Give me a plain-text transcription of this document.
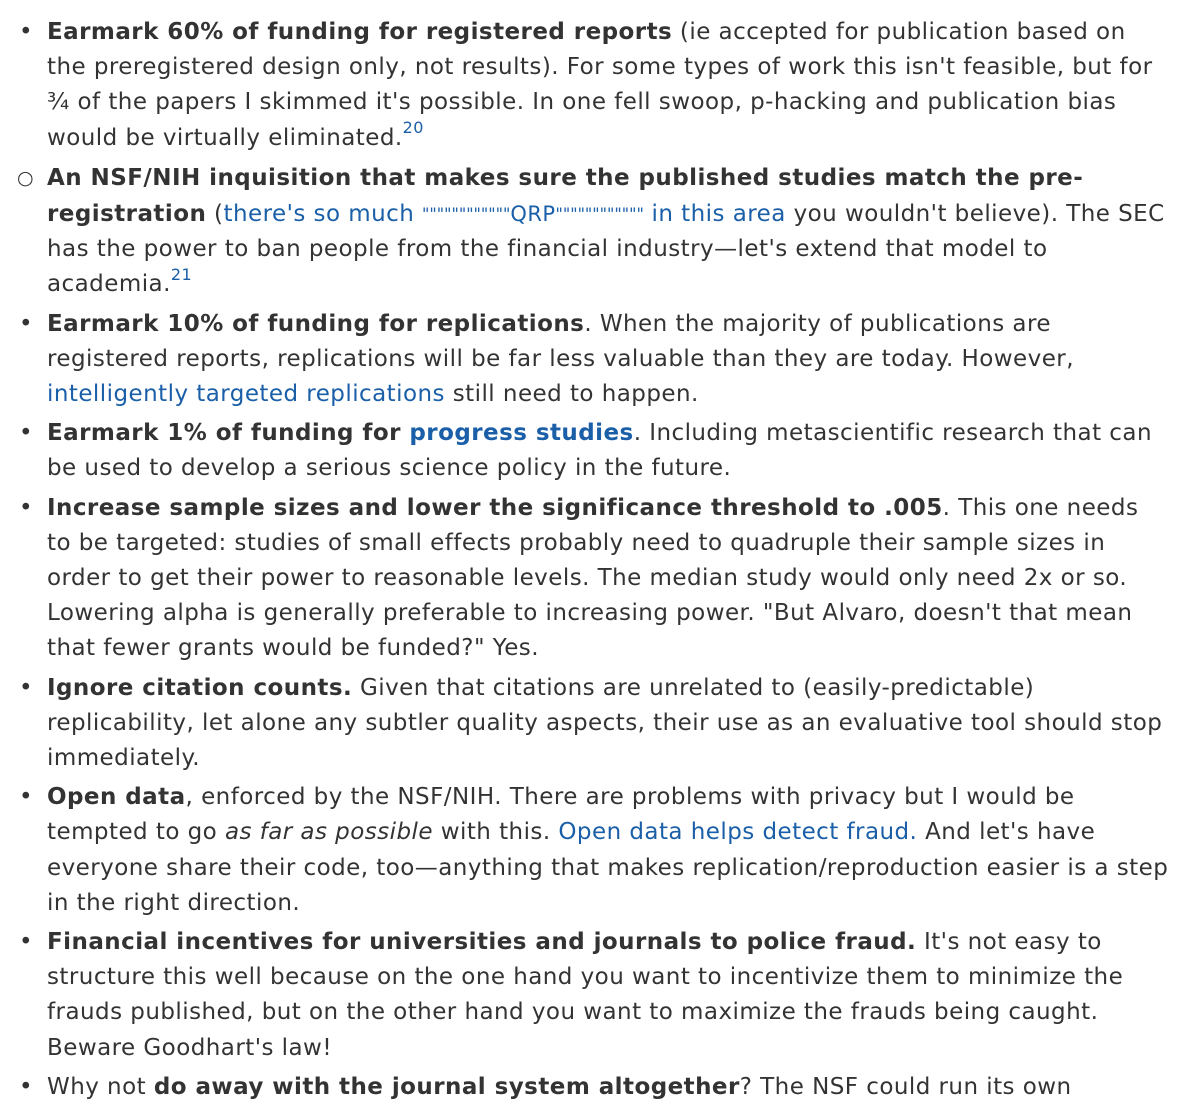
• Earmark 60% of funding for registered reports (ie accepted for publication based on the preregistered design only, not results). For some types of work this isn't feasible, but for ¾ of the papers I skimmed it's possible. In one fell swoop, p-hacking and publication bias would be virtually eliminated.$^{20}$
○ An NSF/NIH inquisition that makes sure the published studies match the pre-registration (there's so much """"""""""""QRP"""""""""""" in this area you wouldn't believe). The SEC has the power to ban people from the financial industry—let's extend that model to academia.$^{21}$
• Earmark 10% of funding for replications. When the majority of publications are registered reports, replications will be far less valuable than they are today. However, intelligently targeted replications still need to happen.
• Earmark 1% of funding for progress studies. Including metascientific research that can be used to develop a serious science policy in the future.
• Increase sample sizes and lower the significance threshold to .005. This one needs to be targeted: studies of small effects probably need to quadruple their sample sizes in order to get their power to reasonable levels. The median study would only need 2x or so. Lowering alpha is generally preferable to increasing power. "But Alvaro, doesn't that mean that fewer grants would be funded?" Yes.
• Ignore citation counts. Given that citations are unrelated to (easily-predictable) replicability, let alone any subtler quality aspects, their use as an evaluative tool should stop immediately.
• Open data, enforced by the NSF/NIH. There are problems with privacy but I would be tempted to go as far as possible with this. Open data helps detect fraud. And let's have everyone share their code, too—anything that makes replication/reproduction easier is a step in the right direction.
• Financial incentives for universities and journals to police fraud. It's not easy to structure this well because on the one hand you want to incentivize them to minimize the frauds published, but on the other hand you want to maximize the frauds being caught. Beware Goodhart's law!
• Why not do away with the journal system altogether? The NSF could run its own
